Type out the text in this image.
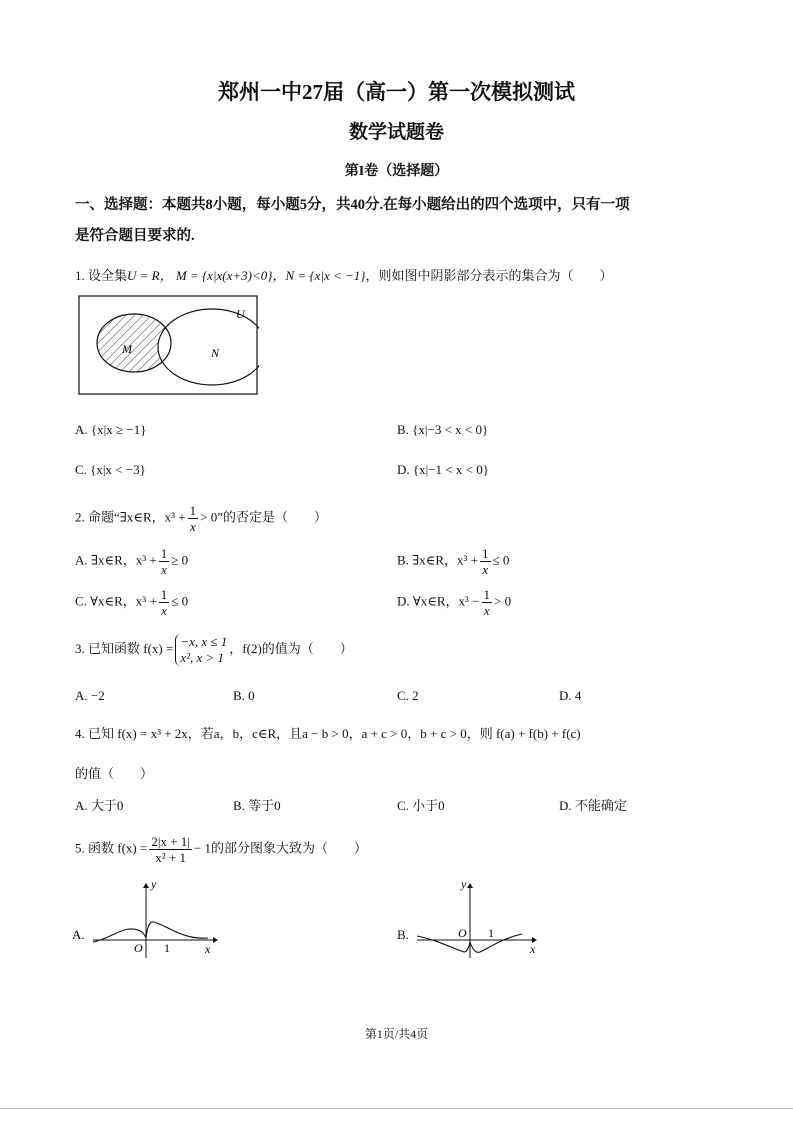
郑州一中27届（高一）第一次模拟测试
数学试题卷
第I卷（选择题）
一、选择题：本题共8小题，每小题5分，共40分.在每小题给出的四个选项中，只有一项
是符合题目要求的.
1. 设全集U = R， M = {x|x(x+3)<0}，N = {x|x < −1}，则如图中阴影部分表示的集合为（　　）
U
M	N
A. {x|x ≥ −1}	B. {x|−3 < x < 0}
C. {x|x < −3}	D. {x|−1 < x < 0}
2. 命题“∃x∈R，$x^3 + \frac{1}{x} > 0$”的否定是（　　）
A. ∃x∈R，$x^3 + \frac{1}{x} \ge 0$	B. ∃x∈R，$x^3 + \frac{1}{x} \le 0$
C. ∀x∈R，$x^3 + \frac{1}{x} \le 0$	D. ∀x∈R，$x^3 - \frac{1}{x} > 0$
3. 已知函数 f(x) = −x, x ≤ 1
x², x > 1
，f(2)的值为（　　）
A. −2	B. 0	C. 2	D. 4
4. 已知 f(x) = x³ + 2x，若a，b，c∈R，且a − b > 0，a + c > 0，b + c > 0，则 f(a) + f(b) + f(c)
的值（　　）
A. 大于0	B. 等于0	C. 小于0	D. 不能确定
5. 函数 $f(x) = \frac{2|x + 1|}{\text{x² + 1}} - 1$的部分图象大致为（　　）
A.
y
x
O 1
B.
y
x
O 1
第1页/共4页
